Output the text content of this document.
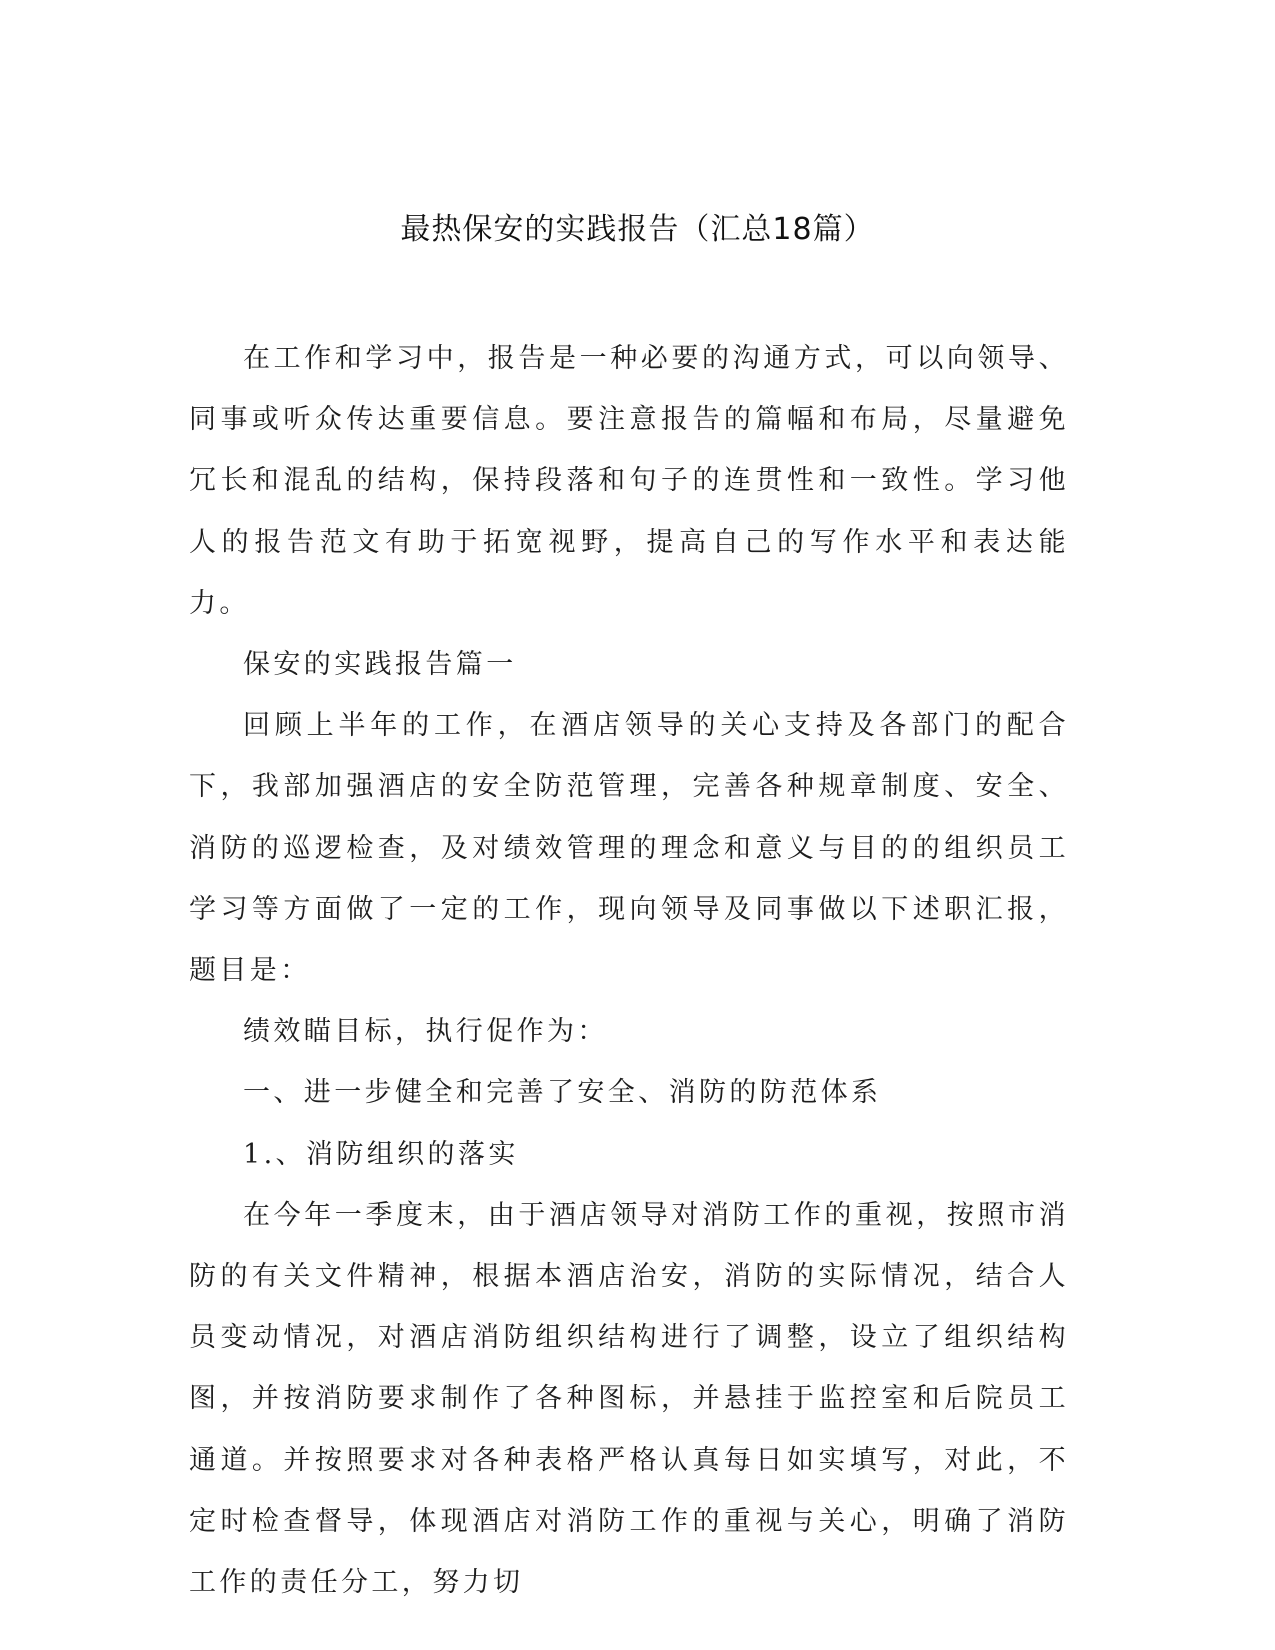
最热保安的实践报告（汇总18篇）

在工作和学习中，报告是一种必要的沟通方式，可以向领导、同事或听众传达重要信息。要注意报告的篇幅和布局，尽量避免冗长和混乱的结构，保持段落和句子的连贯性和一致性。学习他人的报告范文有助于拓宽视野，提高自己的写作水平和表达能力。

保安的实践报告篇一

回顾上半年的工作，在酒店领导的关心支持及各部门的配合下，我部加强酒店的安全防范管理，完善各种规章制度、安全、消防的巡逻检查，及对绩效管理的理念和意义与目的的组织员工学习等方面做了一定的工作，现向领导及同事做以下述职汇报，题目是：

绩效瞄目标，执行促作为：

一、进一步健全和完善了安全、消防的防范体系

1.、消防组织的落实

在今年一季度末，由于酒店领导对消防工作的重视，按照市消防的有关文件精神，根据本酒店治安，消防的实际情况，结合人员变动情况，对酒店消防组织结构进行了调整，设立了组织结构图，并按消防要求制作了各种图标，并悬挂于监控室和后院员工通道。并按照要求对各种表格严格认真每日如实填写，对此，不定时检查督导，体现酒店对消防工作的重视与关心，明确了消防工作的责任分工，努力切
